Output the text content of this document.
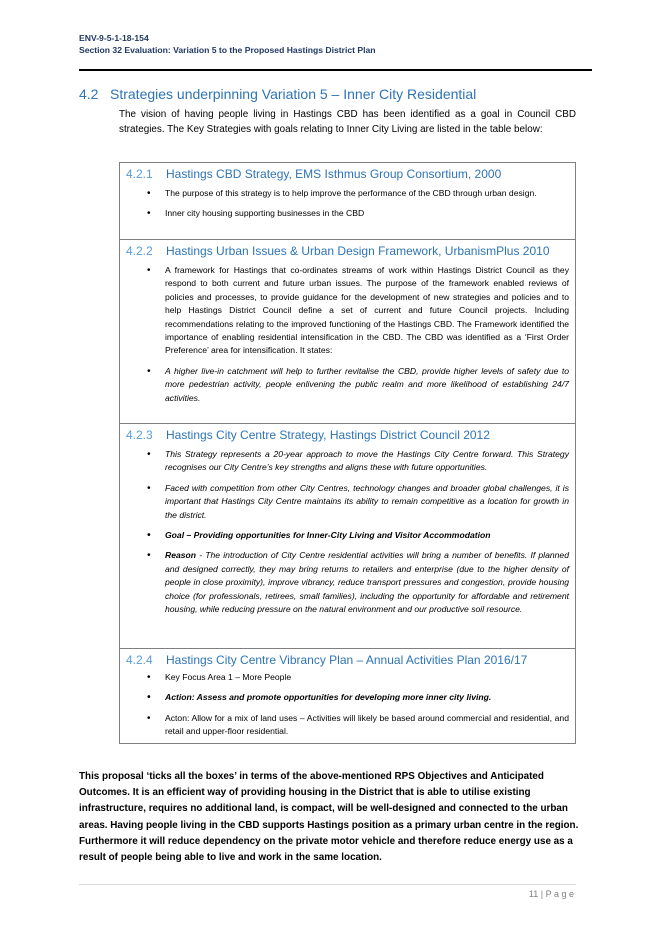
ENV-9-5-1-18-154
Section 32 Evaluation: Variation 5 to the Proposed Hastings District Plan
4.2 Strategies underpinning Variation 5 – Inner City Residential
The vision of having people living in Hastings CBD has been identified as a goal in Council CBD strategies. The Key Strategies with goals relating to Inner City Living are listed in the table below:
4.2.1 Hastings CBD Strategy, EMS Isthmus Group Consortium, 2000
• The purpose of this strategy is to help improve the performance of the CBD through urban design.
• Inner city housing supporting businesses in the CBD
4.2.2 Hastings Urban Issues & Urban Design Framework, UrbanismPlus 2010
• A framework for Hastings that co-ordinates streams of work within Hastings District Council as they respond to both current and future urban issues. The purpose of the framework enabled reviews of policies and processes, to provide guidance for the development of new strategies and policies and to help Hastings District Council define a set of current and future Council projects. Including recommendations relating to the improved functioning of the Hastings CBD. The Framework identified the importance of enabling residential intensification in the CBD. The CBD was identified as a ‘First Order Preference’ area for intensification. It states:
• A higher live-in catchment will help to further revitalise the CBD, provide higher levels of safety due to more pedestrian activity, people enlivening the public realm and more likelihood of establishing 24/7 activities.
4.2.3 Hastings City Centre Strategy, Hastings District Council 2012
• This Strategy represents a 20-year approach to move the Hastings City Centre forward. This Strategy recognises our City Centre’s key strengths and aligns these with future opportunities.
• Faced with competition from other City Centres, technology changes and broader global challenges, it is important that Hastings City Centre maintains its ability to remain competitive as a location for growth in the district.
• Goal – Providing opportunities for Inner-City Living and Visitor Accommodation
• Reason - The introduction of City Centre residential activities will bring a number of benefits. If planned and designed correctly, they may bring returns to retailers and enterprise (due to the higher density of people in close proximity), improve vibrancy, reduce transport pressures and congestion, provide housing choice (for professionals, retirees, small families), including the opportunity for affordable and retirement housing, while reducing pressure on the natural environment and our productive soil resource.
4.2.4 Hastings City Centre Vibrancy Plan – Annual Activities Plan 2016/17
• Key Focus Area 1 – More People
• Action: Assess and promote opportunities for developing more inner city living.
• Acton: Allow for a mix of land uses – Activities will likely be based around commercial and residential, and retail and upper-floor residential.
This proposal ‘ticks all the boxes’ in terms of the above-mentioned RPS Objectives and Anticipated Outcomes. It is an efficient way of providing housing in the District that is able to utilise existing infrastructure, requires no additional land, is compact, will be well-designed and connected to the urban areas. Having people living in the CBD supports Hastings position as a primary urban centre in the region. Furthermore it will reduce dependency on the private motor vehicle and therefore reduce energy use as a result of people being able to live and work in the same location.
11 | P a g e
